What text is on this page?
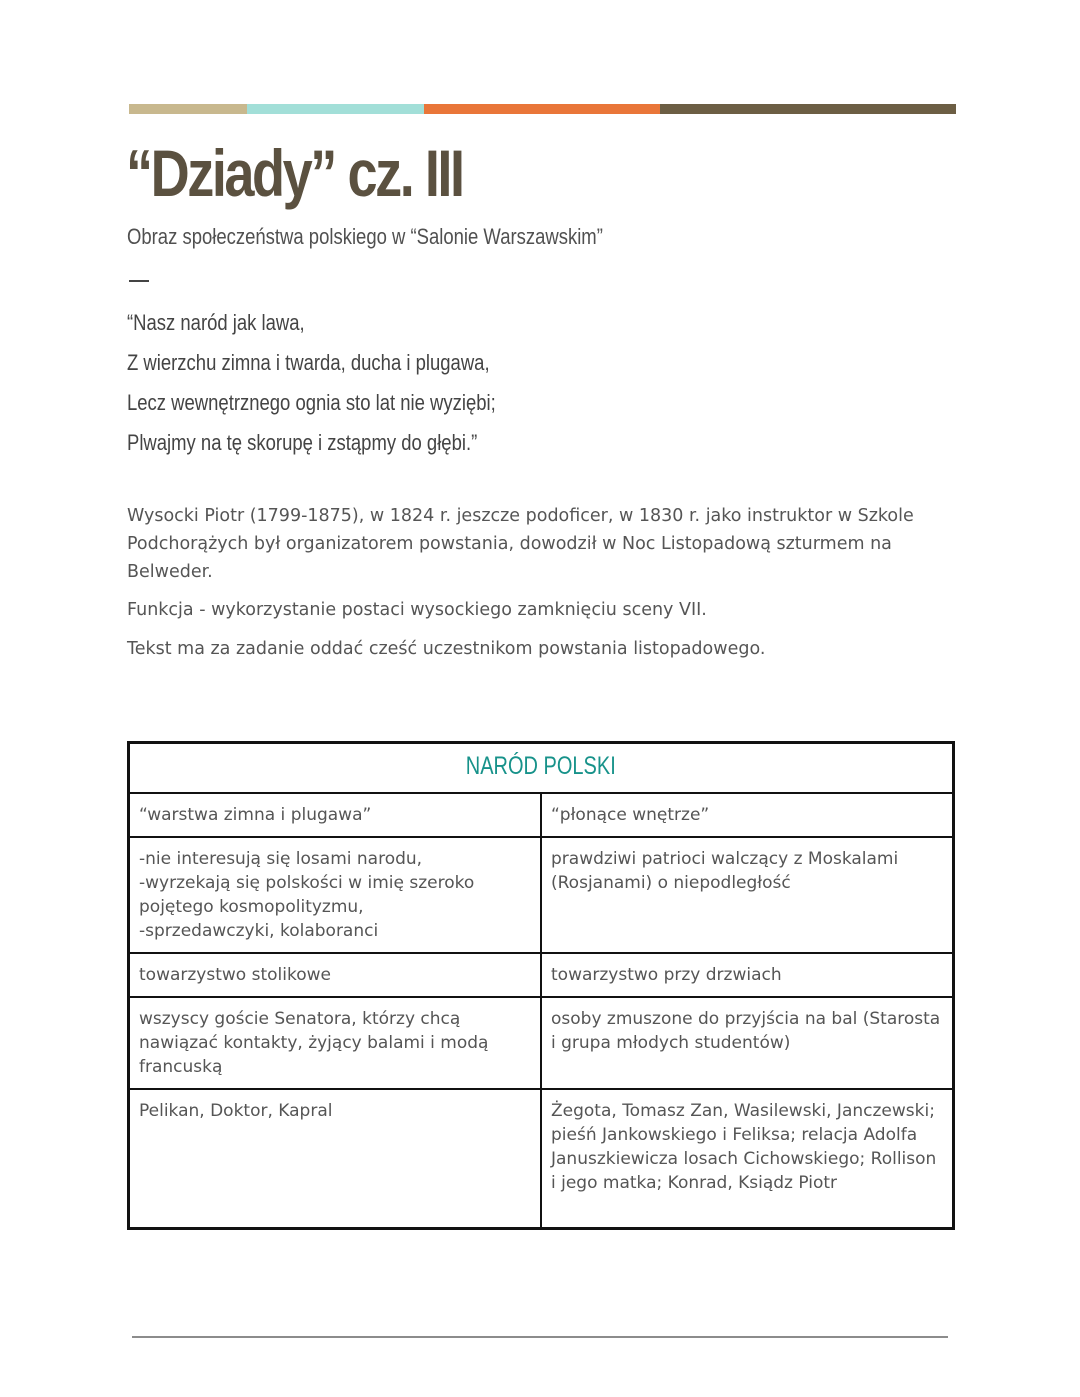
“Dziady” cz. III
Obraz społeczeństwa polskiego w “Salonie Warszawskim”
“Nasz naród jak lawa,
Z wierzchu zimna i twarda, ducha i plugawa,
Lecz wewnętrznego ognia sto lat nie wyziębi;
Plwajmy na tę skorupę i zstąpmy do głębi.”

Wysocki Piotr (1799-1875), w 1824 r. jeszcze podoficer, w 1830 r. jako instruktor w Szkole Podchorążych był organizatorem powstania, dowodził w Noc Listopadową szturmem na Belweder.

Funkcja - wykorzystanie postaci wysockiego zamknięciu sceny VII.

Tekst ma za zadanie oddać cześć uczestnikom powstania listopadowego.

NARÓD POLSKI	

“warstwa zimna i plugawa”	“płonące wnętrze”

-nie interesują się losami narodu,
-wyrzekają się polskości w imię szeroko pojętego kosmopolityzmu,
-sprzedawczyki, kolaboranci	prawdziwi patrioci walczący z Moskalami (Rosjanami) o niepodległość

towarzystwo stolikowe	towarzystwo przy drzwiach

wszyscy goście Senatora, którzy chcą nawiązać kontakty, żyjący balami i modą francuską	osoby zmuszone do przyjścia na bal (Starosta i grupa młodych studentów)

Pelikan, Doktor, Kapral	Żegota, Tomasz Zan, Wasilewski, Janczewski; pieśń Jankowskiego i Feliksa; relacja Adolfa Januszkiewicza losach Cichowskiego; Rollison i jego matka; Konrad, Ksiądz Piotr
